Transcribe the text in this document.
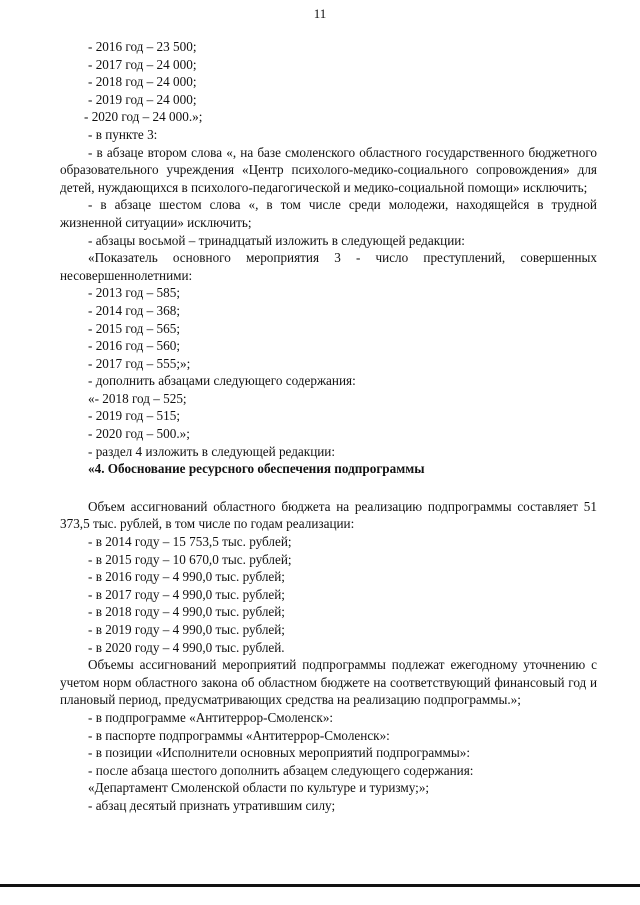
11
- 2016 год – 23 500;
- 2017 год – 24 000;
- 2018 год – 24 000;
- 2019 год – 24 000;
- 2020 год – 24 000.»;
- в пункте 3:
- в абзаце втором слова «, на базе смоленского областного государственного бюджетного образовательного учреждения «Центр психолого-медико-социального сопровождения» для детей, нуждающихся в психолого-педагогической и медико-социальной помощи» исключить;
- в абзаце шестом слова «, в том числе среди молодежи, находящейся в трудной жизненной ситуации» исключить;
- абзацы восьмой – тринадцатый изложить в следующей редакции:
«Показатель основного мероприятия 3 - число преступлений, совершенных несовершеннолетними:
- 2013 год – 585;
- 2014 год – 368;
- 2015 год – 565;
- 2016 год – 560;
- 2017 год – 555;»;
- дополнить абзацами следующего содержания:
«- 2018 год – 525;
- 2019 год – 515;
- 2020 год – 500.»;
- раздел 4 изложить в следующей редакции:
«4. Обоснование ресурсного обеспечения подпрограммы
Объем ассигнований областного бюджета на реализацию подпрограммы составляет 51 373,5 тыс. рублей, в том числе по годам реализации:
- в 2014 году – 15 753,5 тыс. рублей;
- в 2015 году – 10 670,0 тыс. рублей;
- в 2016 году – 4 990,0 тыс. рублей;
- в 2017 году – 4 990,0 тыс. рублей;
- в 2018 году – 4 990,0 тыс. рублей;
- в 2019 году – 4 990,0 тыс. рублей;
- в 2020 году – 4 990,0 тыс. рублей.
Объемы ассигнований мероприятий подпрограммы подлежат ежегодному уточнению с учетом норм областного закона об областном бюджете на соответствующий финансовый год и плановый период, предусматривающих средства на реализацию подпрограммы.»;
- в подпрограмме «Антитеррор-Смоленск»:
- в паспорте подпрограммы «Антитеррор-Смоленск»:
- в позиции «Исполнители основных мероприятий подпрограммы»:
- после абзаца шестого дополнить абзацем следующего содержания:
«Департамент Смоленской области по культуре и туризму;»;
- абзац десятый признать утратившим силу;
